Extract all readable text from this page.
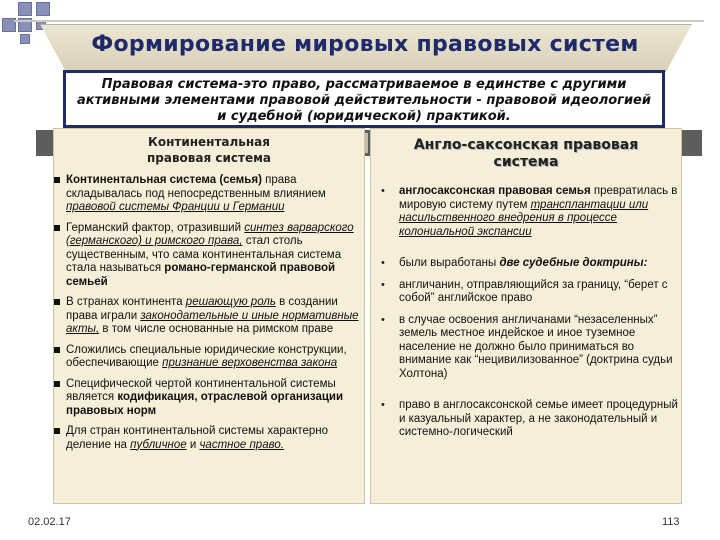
Формирование мировых правовых систем
Континентальная
правовая система
Континентальная система (семья) права складывалась под непосредственным влиянием правовой системы Франции и Германии
Германский фактор, отразивший синтез варварского (германского) и римского права, стал столь существенным, что сама континентальная система стала называться романо-германской правовой семьей
В странах континента решающую роль в создании права играли законодательные и иные нормативные акты, в том числе основанные на римском праве
Сложились специальные юридические конструкции, обеспечивающие признание верховенства закона
Специфической чертой континентальной системы является кодификация, отраслевой организации правовых норм
Для стран континентальной системы характерно деление на публичное и частное право.
Англо-саксонская правовая
система
• англосаксонская правовая семья превратилась в мировую систему путем трансплантации или насильственного внедрения в процессе колониальной экспансии
• были выработаны две судебные доктрины:
• англичанин, отправляющийся за границу, “берет с собой” английское право
• в случае освоения англичанами “незаселенных” земель местное индейское и иное туземное население не должно было приниматься во внимание как “нецивилизованное” (доктрина судьи Холтона)
• право в англосаксонской семье имеет процедурный и казуальный характер, а не законодательный и системно-логический
Правовая система-это право, рассматриваемое в единстве с другими активными элементами правовой действительности - правовой идеологией и судебной (юридической) практикой.
02.02.17	113
